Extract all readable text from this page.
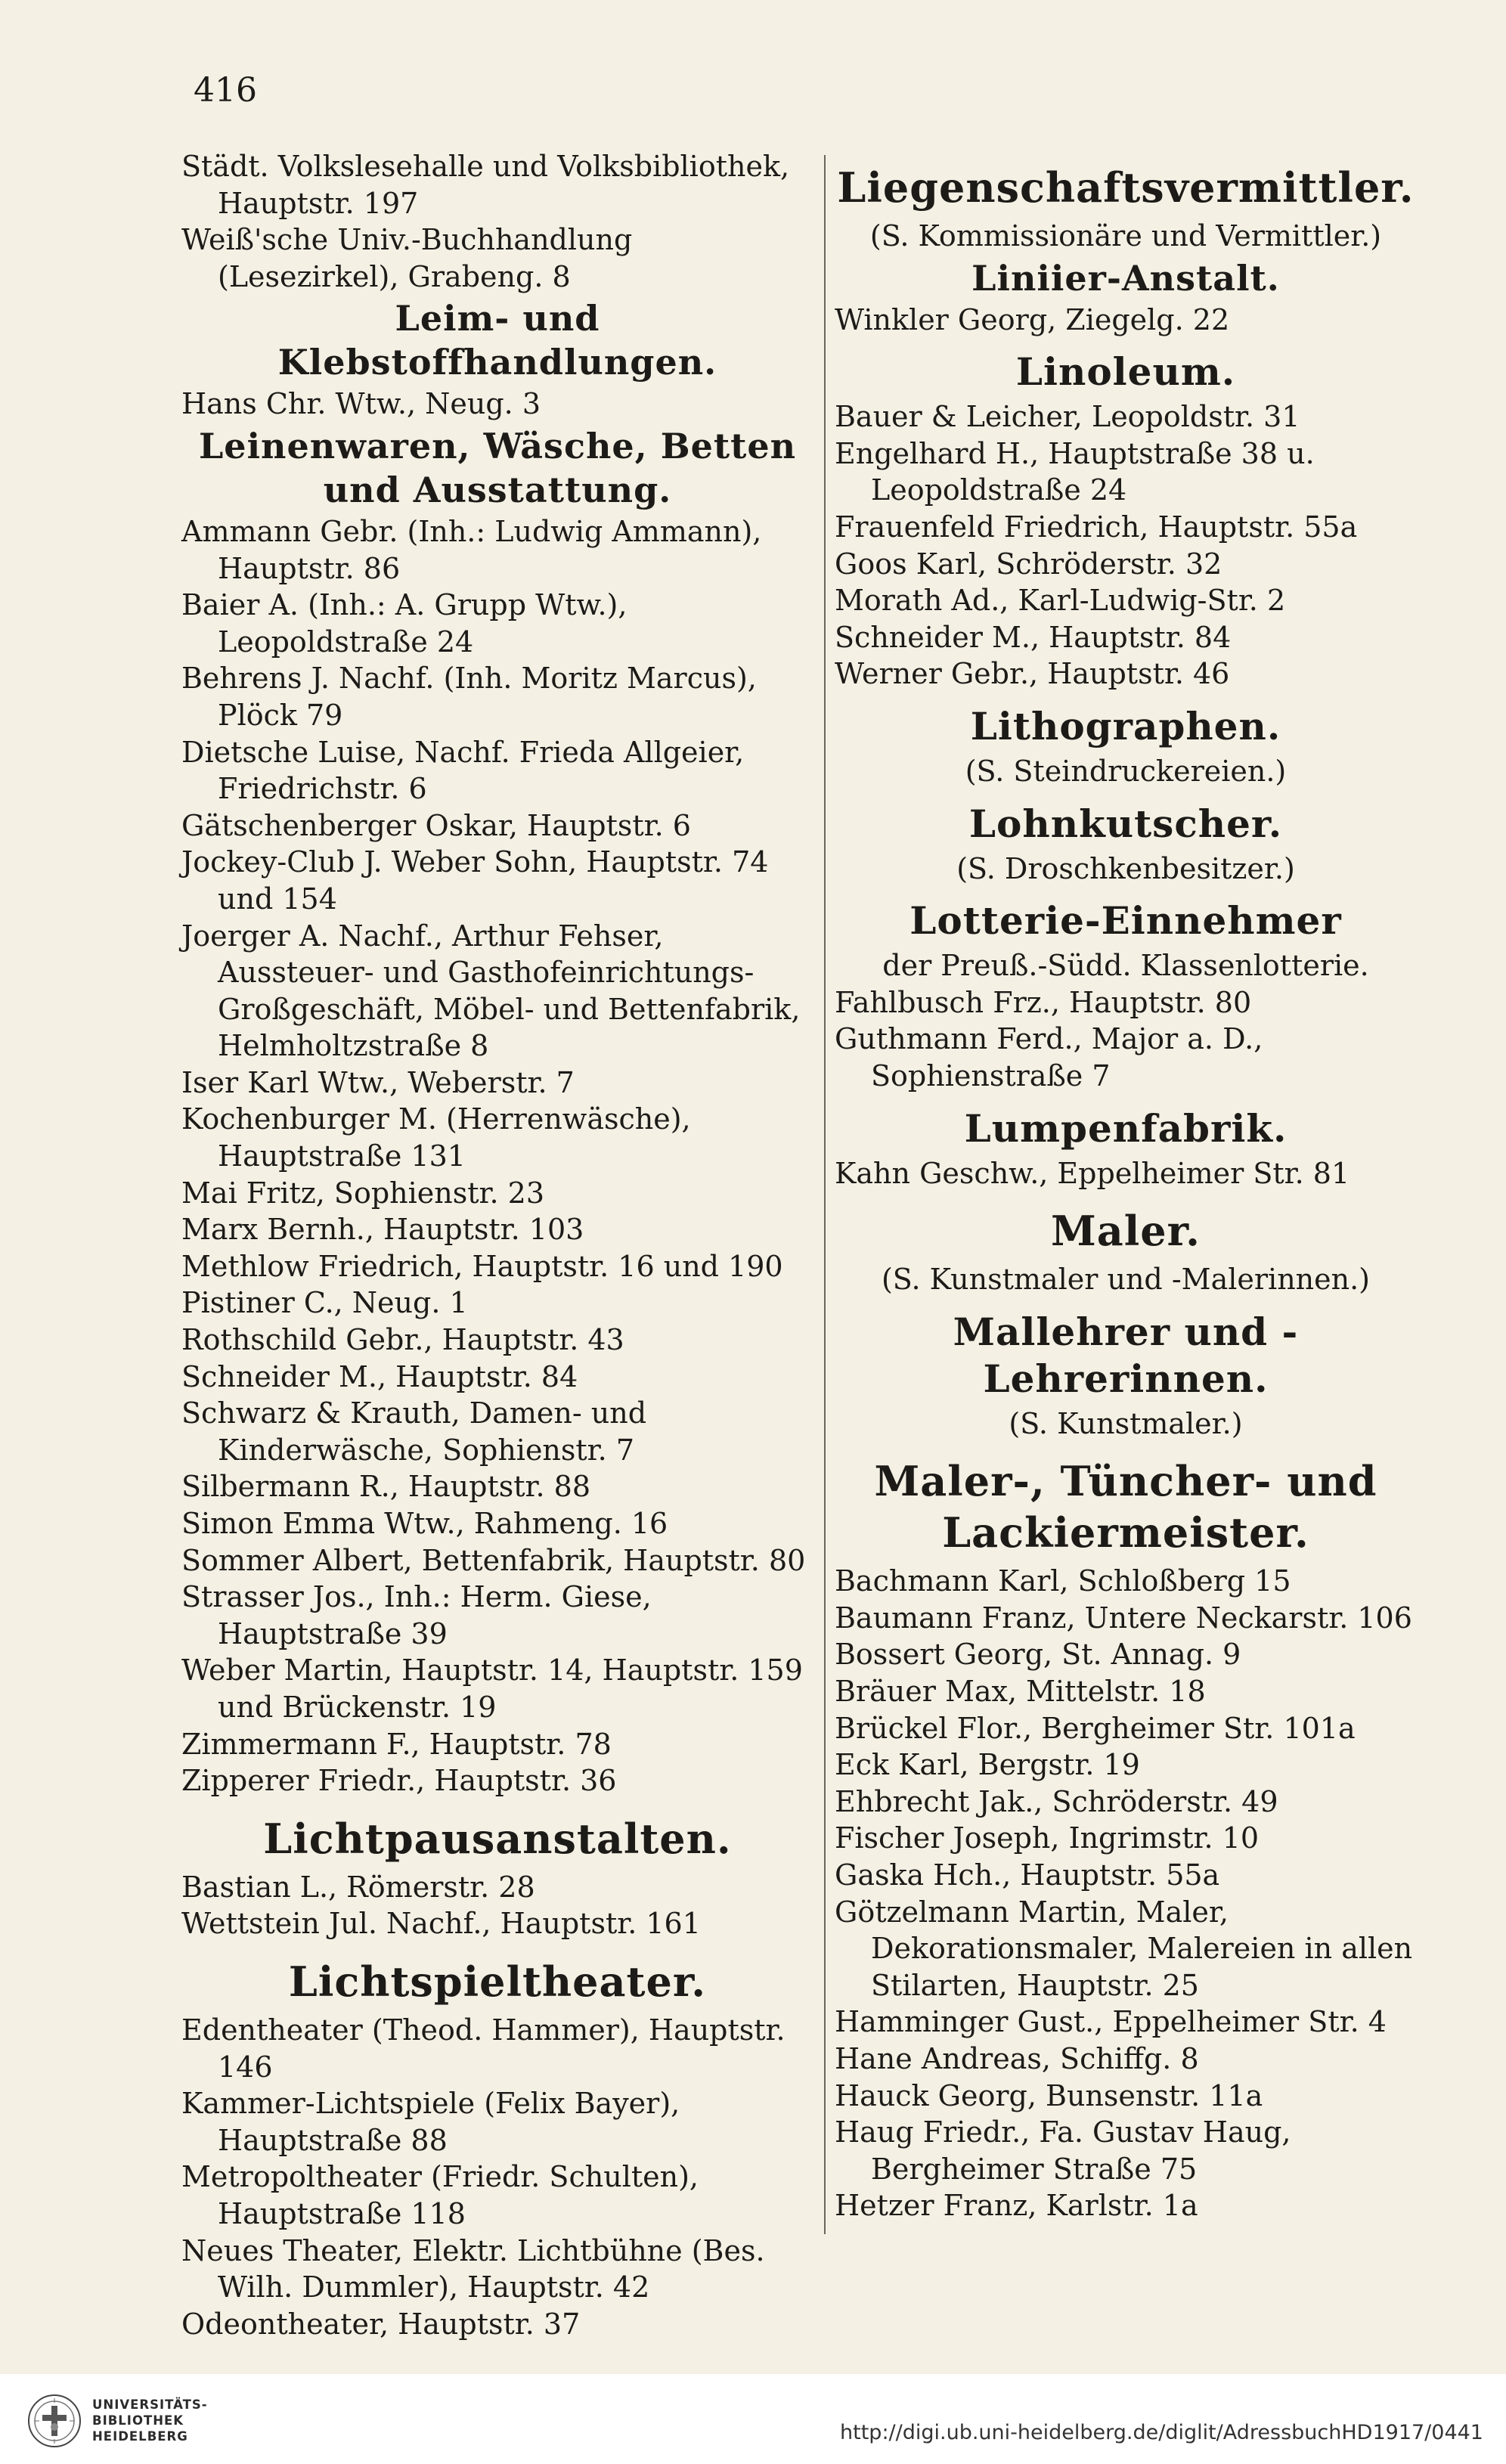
416
Städt. Volkslesehalle und Volksbibliothek, Hauptstr. 197
Weiß'sche Univ.-Buchhandlung (Lesezirkel), Grabeng. 8
Leim- und Klebstoffhandlungen.
Hans Chr. Wtw., Neug. 3
Leinenwaren, Wäsche, Betten und Ausstattung.
Ammann Gebr. (Inh.: Ludwig Ammann), Hauptstr. 86
Baier A. (Inh.: A. Grupp Wtw.), Leopoldstraße 24
Behrens J. Nachf. (Inh. Moritz Marcus), Plöck 79
Dietsche Luise, Nachf. Frieda Allgeier, Friedrichstr. 6
Gätschenberger Oskar, Hauptstr. 6
Jockey-Club J. Weber Sohn, Hauptstr. 74 und 154
Joerger A. Nachf., Arthur Fehser, Aussteuer- und Gasthofeinrichtungs-Großgeschäft, Möbel- und Bettenfabrik, Helmholtzstraße 8
Iser Karl Wtw., Weberstr. 7
Kochenburger M. (Herrenwäsche), Hauptstraße 131
Mai Fritz, Sophienstr. 23
Marx Bernh., Hauptstr. 103
Methlow Friedrich, Hauptstr. 16 und 190
Pistiner C., Neug. 1
Rothschild Gebr., Hauptstr. 43
Schneider M., Hauptstr. 84
Schwarz & Krauth, Damen- und Kinderwäsche, Sophienstr. 7
Silbermann R., Hauptstr. 88
Simon Emma Wtw., Rahmeng. 16
Sommer Albert, Bettenfabrik, Hauptstr. 80
Strasser Jos., Inh.: Herm. Giese, Hauptstraße 39
Weber Martin, Hauptstr. 14, Hauptstr. 159 und Brückenstr. 19
Zimmermann F., Hauptstr. 78
Zipperer Friedr., Hauptstr. 36
Lichtpausanstalten.
Bastian L., Römerstr. 28
Wettstein Jul. Nachf., Hauptstr. 161
Lichtspieltheater.
Edentheater (Theod. Hammer), Hauptstr. 146
Kammer-Lichtspiele (Felix Bayer), Hauptstraße 88
Metropoltheater (Friedr. Schulten), Hauptstraße 118
Neues Theater, Elektr. Lichtbühne (Bes. Wilh. Dummler), Hauptstr. 42
Odeontheater, Hauptstr. 37
Liegenschaftsvermittler.
(S. Kommissionäre und Vermittler.)
Liniier-Anstalt.
Winkler Georg, Ziegelg. 22
Linoleum.
Bauer & Leicher, Leopoldstr. 31
Engelhard H., Hauptstraße 38 u. Leopoldstraße 24
Frauenfeld Friedrich, Hauptstr. 55a
Goos Karl, Schröderstr. 32
Morath Ad., Karl-Ludwig-Str. 2
Schneider M., Hauptstr. 84
Werner Gebr., Hauptstr. 46
Lithographen.
(S. Steindruckereien.)
Lohnkutscher.
(S. Droschkenbesitzer.)
Lotterie-Einnehmer
der Preuß.-Südd. Klassenlotterie.
Fahlbusch Frz., Hauptstr. 80
Guthmann Ferd., Major a. D., Sophienstraße 7
Lumpenfabrik.
Kahn Geschw., Eppelheimer Str. 81
Maler.
(S. Kunstmaler und -Malerinnen.)
Mallehrer und -Lehrerinnen.
(S. Kunstmaler.)
Maler-, Tüncher- und Lackiermeister.
Bachmann Karl, Schloßberg 15
Baumann Franz, Untere Neckarstr. 106
Bossert Georg, St. Annag. 9
Bräuer Max, Mittelstr. 18
Brückel Flor., Bergheimer Str. 101a
Eck Karl, Bergstr. 19
Ehbrecht Jak., Schröderstr. 49
Fischer Joseph, Ingrimstr. 10
Gaska Hch., Hauptstr. 55a
Götzelmann Martin, Maler, Dekorationsmaler, Malereien in allen Stilarten, Hauptstr. 25
Hamminger Gust., Eppelheimer Str. 4
Hane Andreas, Schiffg. 8
Hauck Georg, Bunsenstr. 11a
Haug Friedr., Fa. Gustav Haug, Bergheimer Straße 75
Hetzer Franz, Karlstr. 1a
UNIVERSITÄTS-
BIBLIOTHEK
HEIDELBERG	http://digi.ub.uni-heidelberg.de/diglit/AdressbuchHD1917/0441
